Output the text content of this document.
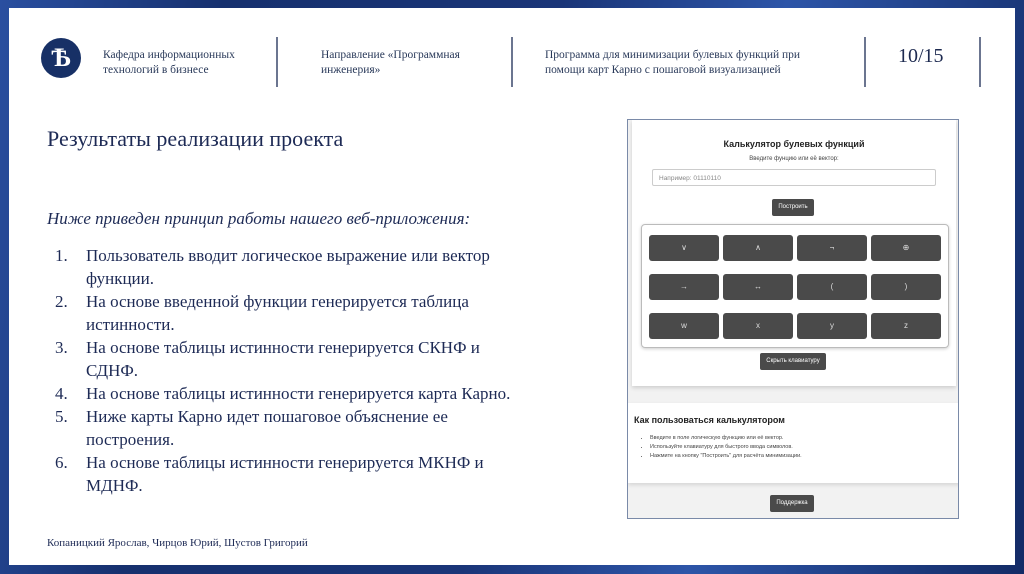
Ѣ	Кафедра информационных технологий в бизнесе
Направление «Программная инженерия»
Программа для минимизации булевых функций при помощи карт Карно с пошаговой визуализацией
10/15
Результаты реализации проекта
Ниже приведен принцип работы нашего веб-приложения:
1.	Пользователь вводит логическое выражение или вектор функции.
2.	На основе введенной функции генерируется таблица истинности.
3.	На основе таблицы истинности генерируется СКНФ и СДНФ.
4.	На основе таблицы истинности генерируется карта Карно.
5.	Ниже карты Карно идет пошаговое объяснение ее построения.
6.	На основе таблицы истинности генерируется МКНФ и МДНФ.
Копаницкий Ярослав, Чирцов Юрий, Шустов Григорий
Калькулятор булевых функций
Введите фунцию или её вектор:
Например: 01110110
Построить
∨	∧	¬	⊕
→	↔	(	)
w	x	y	z
Скрыть клавиатуру
Как пользоваться калькулятором
• Введите в поле логическую функцию или её вектор.
• Используйте клавиатуру для быстрого ввода символов.
• Нажмите на кнопку "Построить" для расчёта минимизации.
Поддержка
